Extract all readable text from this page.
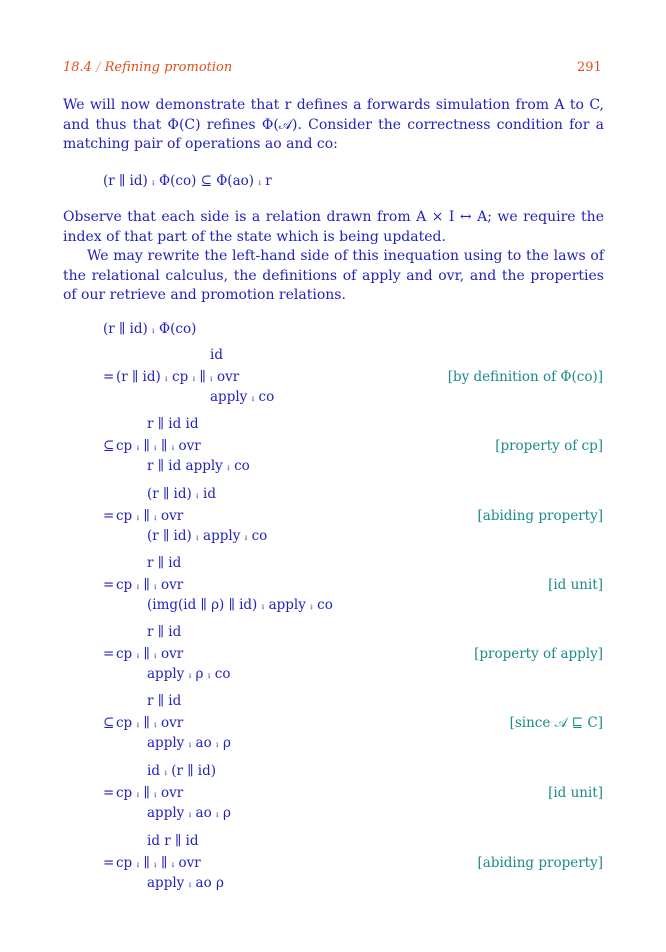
18.4 / Refining promotion	291
We will now demonstrate that r defines a forwards simulation from A to C, and thus that Φ(C) refines Φ(𝒜). Consider the correctness condition for a matching pair of operations ao and co:
(r ∥ id) ⨾ Φ(co) ⊆ Φ(ao) ⨾ r
Observe that each side is a relation drawn from A × I ↔ A; we require the index of that part of the state which is being updated.
We may rewrite the left-hand side of this inequation using to the laws of the relational calculus, the definitions of apply and ovr, and the properties of our retrieve and promotion relations.
(r ∥ id) ⨾ Φ(co)
id
= (r ∥ id) ⨾ cp ⨾ ∥ ⨾ ovr
apply ⨾ co
[by definition of Φ(co)]
r ∥ id id
⊆ cp ⨾ ∥ ⨾ ∥ ⨾ ovr
r ∥ id apply ⨾ co
[property of cp]
(r ∥ id) ⨾ id
= cp ⨾ ∥ ⨾ ovr
(r ∥ id) ⨾ apply ⨾ co
[abiding property]
r ∥ id
= cp ⨾ ∥ ⨾ ovr
(img(id ∥ ρ) ∥ id) ⨾ apply ⨾ co
[id unit]
r ∥ id
= cp ⨾ ∥ ⨾ ovr
apply ⨾ ρ ⨾ co
[property of apply]
r ∥ id
⊆ cp ⨾ ∥ ⨾ ovr
apply ⨾ ao ⨾ ρ
[since 𝒜 ⊑ C]
id ⨾ (r ∥ id)
= cp ⨾ ∥ ⨾ ovr
apply ⨾ ao ⨾ ρ
[id unit]
id r ∥ id
= cp ⨾ ∥ ⨾ ∥ ⨾ ovr
apply ⨾ ao ρ
[abiding property]
